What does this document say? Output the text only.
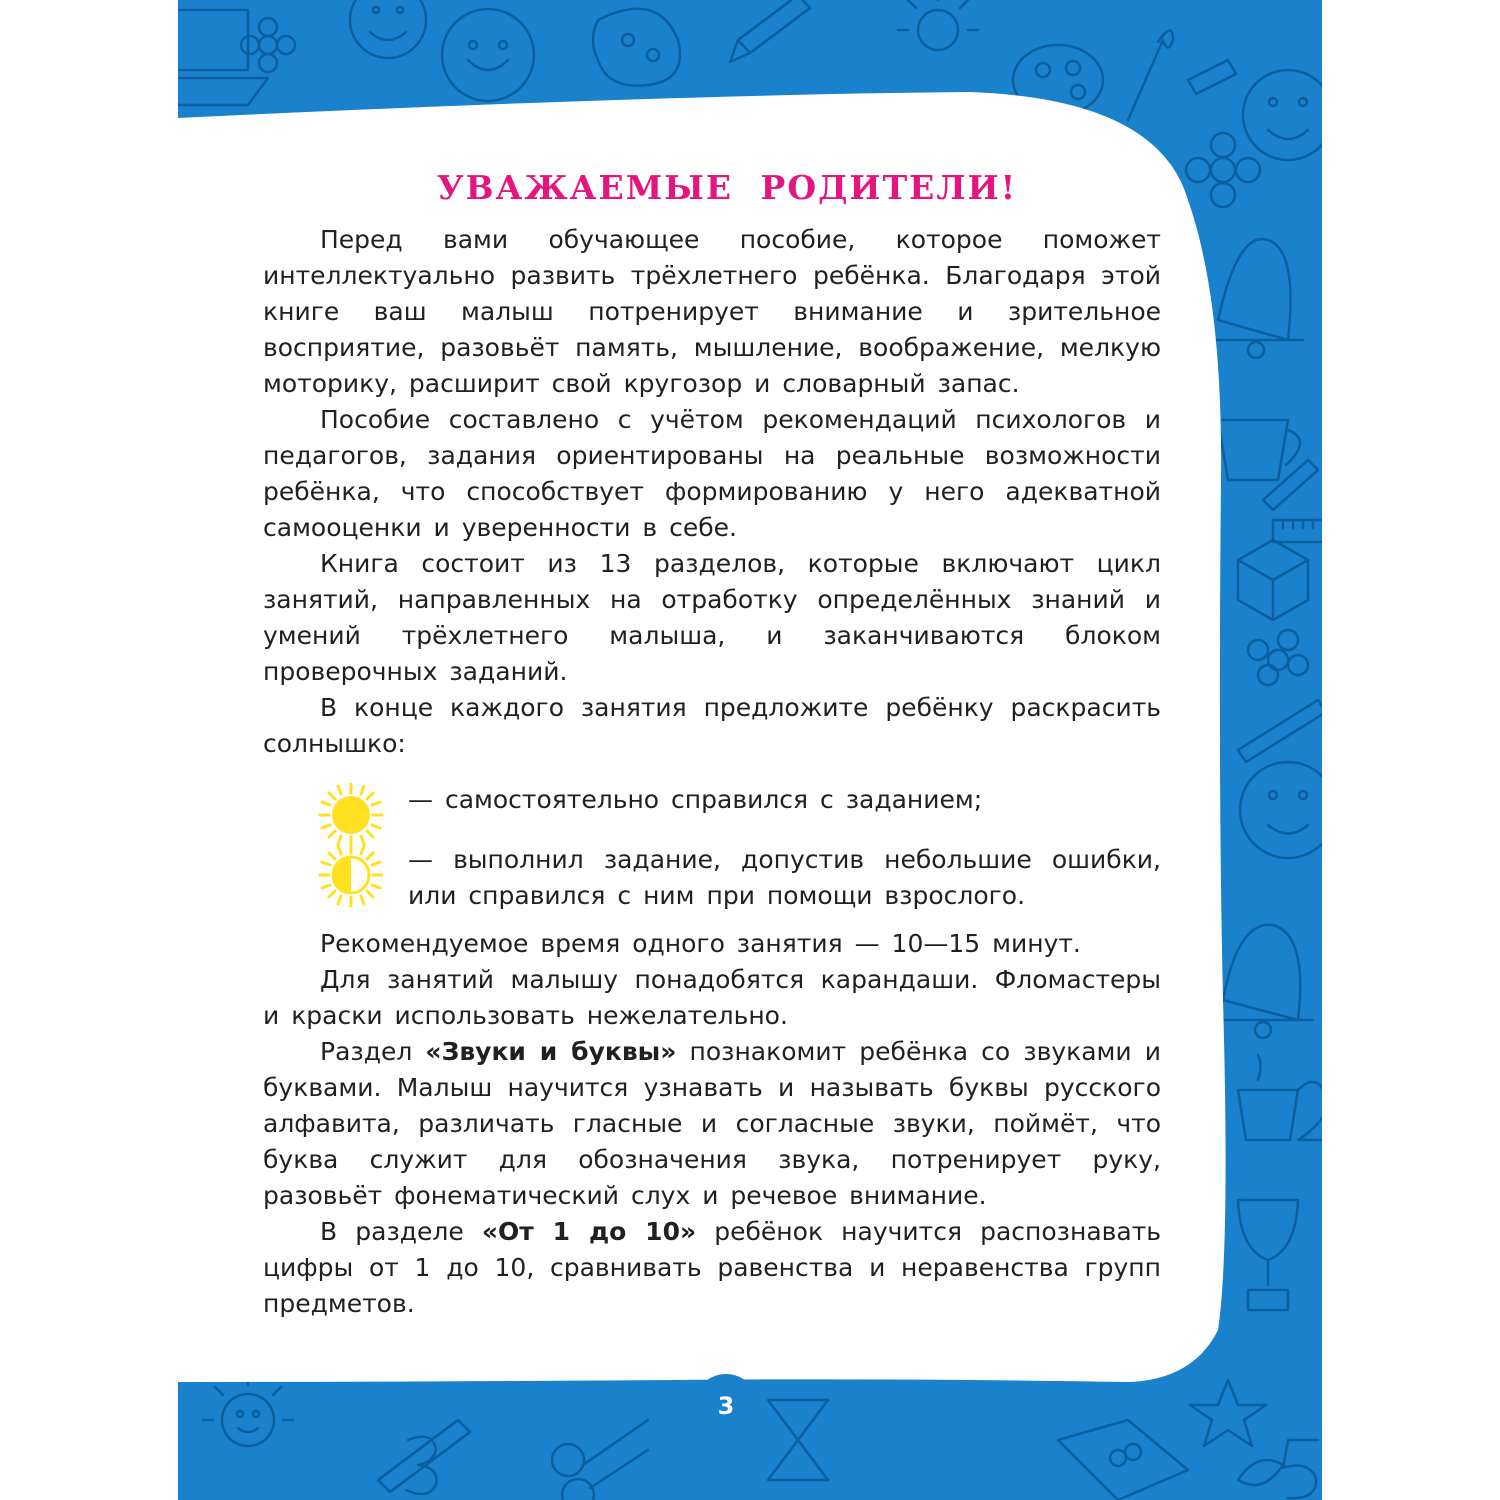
УВАЖАЕМЫЕ РОДИТЕЛИ!

Перед вами обучающее пособие, которое поможет интеллектуально развить трёхлетнего ребёнка. Благодаря этой книге ваш малыш потренирует внимание и зрительное восприятие, разовьёт память, мышление, воображение, мелкую моторику, расширит свой кругозор и словарный запас.

Пособие составлено с учётом рекомендаций психологов и педагогов, задания ориентированы на реальные возможности ребёнка, что способствует формированию у него адекватной самооценки и уверенности в себе.

Книга состоит из 13 разделов, которые включают цикл занятий, направленных на отработку определённых знаний и умений трёхлетнего малыша, и заканчиваются блоком проверочных заданий.

В конце каждого занятия предложите ребёнку раскрасить солнышко:

— самостоятельно справился с заданием;

— выполнил задание, допустив небольшие ошибки, или справился с ним при помощи взрослого.

Рекомендуемое время одного занятия — 10—15 минут.

Для занятий малышу понадобятся карандаши. Фломастеры и краски использовать нежелательно.

Раздел «Звуки и буквы» познакомит ребёнка со звуками и буквами. Малыш научится узнавать и называть буквы русского алфавита, различать гласные и согласные звуки, поймёт, что буква служит для обозначения звука, потренирует руку, разовьёт фонематический слух и речевое внимание.

В разделе «От 1 до 10» ребёнок научится распознавать цифры от 1 до 10, сравнивать равенства и неравенства групп предметов.

3
